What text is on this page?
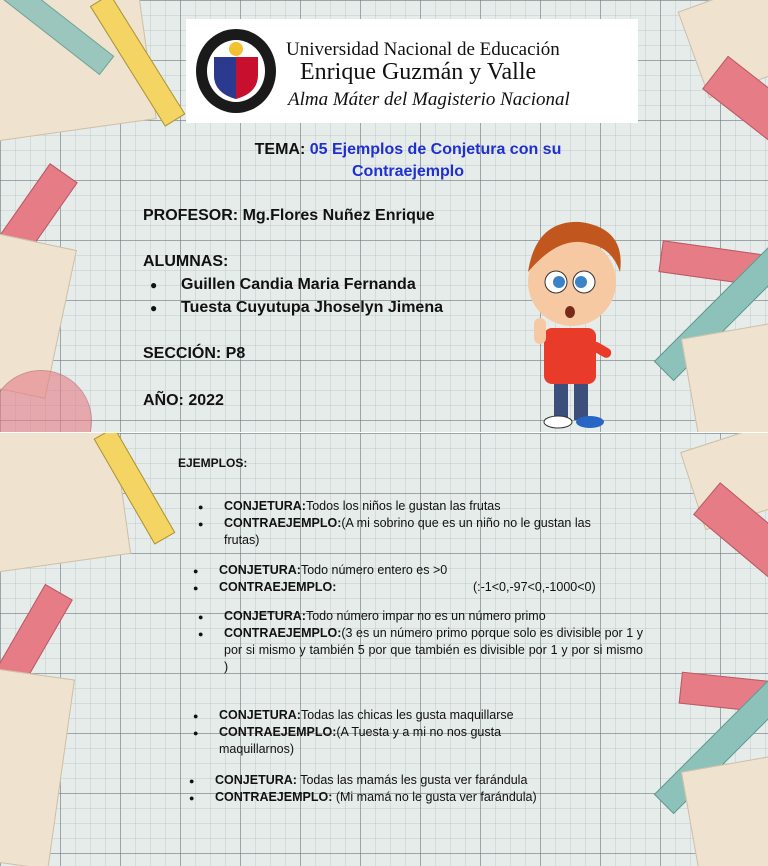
Universidad Nacional de Educación
Enrique Guzmán y Valle
Alma Máter del Magisterio Nacional
TEMA: 05 Ejemplos de Conjetura con su Contraejemplo
PROFESOR: Mg.Flores Nuñez Enrique
ALUMNAS:
● Guillen Candia Maria Fernanda
● Tuesta Cuyutupa Jhoselyn Jimena
SECCIÓN: P8
AÑO: 2022
EJEMPLOS:
● CONJETURA:Todos los niños le gustan las frutas
● CONTRAEJEMPLO:(A mi sobrino que es un niño no le gustan las frutas)
● CONJETURA:Todo número entero es >0
● CONTRAEJEMPLO:	(:-1<0,-97<0,-1000<0)
● CONJETURA:Todo número impar no es un número primo
● CONTRAEJEMPLO:(3 es un número primo porque solo es divisible por 1 y por si mismo y también 5 por que también es divisible por 1 y por si mismo )
● CONJETURA:Todas las chicas les gusta maquillarse
● CONTRAEJEMPLO:(A Tuesta y a mi no nos gusta maquillarnos)
● CONJETURA: Todas las mamás les gusta ver farándula
● CONTRAEJEMPLO: (Mi mamá no le gusta ver farándula)
